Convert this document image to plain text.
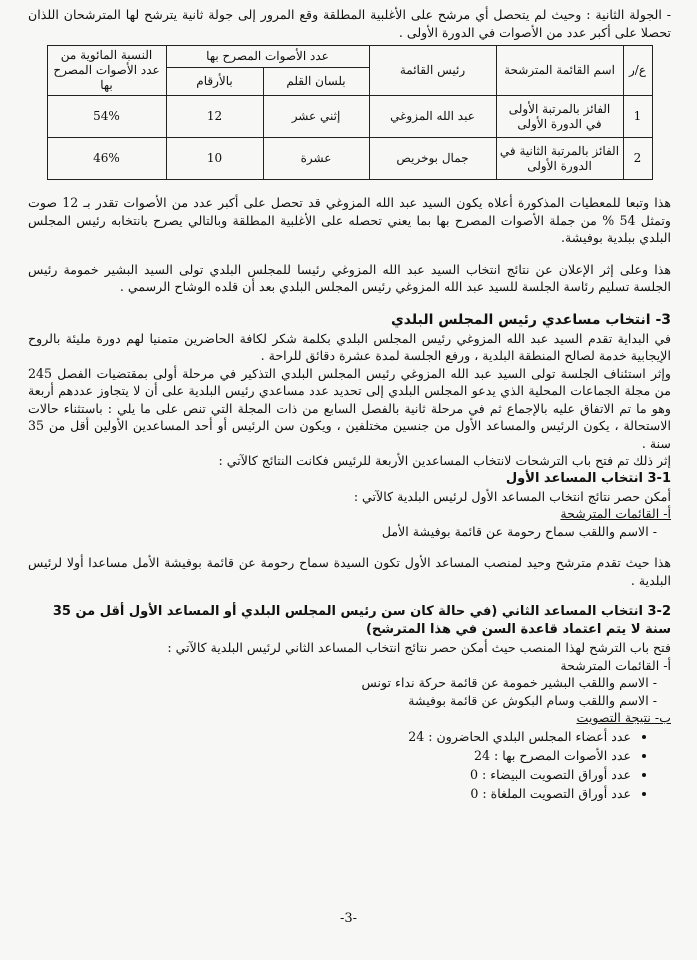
- الجولة الثانية : وحيث لم يتحصل أي مرشح على الأغلبية المطلقة وقع المرور إلى جولة ثانية يترشح لها المترشحان اللذان تحصلا على أكبر عدد من الأصوات في الدورة الأولى .

ع/ر	اسم القائمة المترشحة	رئيس القائمة	عدد الأصوات المصرح بها		النسبة المائوية من عدد الأصوات المصرح بها
			بلسان القلم	بالأرقام	
1	الفائز بالمرتبة الأولى في الدورة الأولى	عبد الله المزوغي	إثني عشر	12	54%
2	الفائز بالمرتبة الثانية في الدورة الأولى	جمال بوخريص	عشرة	10	46%

هذا وتبعا للمعطيات المذكورة أعلاه يكون السيد عبد الله المزوغي قد تحصل على أكبر عدد من الأصوات تقدر بـ 12 صوت وتمثل 54 % من جملة الأصوات المصرح بها بما يعني تحصله على الأغلبية المطلقة وبالتالي يصرح بانتخابه رئيس المجلس البلدي ببلدية بوفيشة.

هذا وعلى إثر الإعلان عن نتائج انتخاب السيد عبد الله المزوغي رئيسا للمجلس البلدي تولى السيد البشير خمومة رئيس الجلسة تسليم رئاسة الجلسة للسيد عبد الله المزوغي رئيس المجلس البلدي بعد أن قلده الوشاح الرسمي .

3- انتخاب مساعدي رئيس المجلس البلدي

في البداية تقدم السيد عبد الله المزوغي رئيس المجلس البلدي بكلمة شكر لكافة الحاضرين متمنيا لهم دورة مليئة بالروح الإيجابية خدمة لصالح المنطقة البلدية ، ورفع الجلسة لمدة عشرة دقائق للراحة .

وإثر استئناف الجلسة تولى السيد عبد الله المزوغي رئيس المجلس البلدي التذكير في مرحلة أولى بمقتضيات الفصل 245 من مجلة الجماعات المحلية الذي يدعو المجلس البلدي إلى تحديد عدد مساعدي رئيس البلدية على أن لا يتجاوز عددهم أربعة وهو ما تم الاتفاق عليه بالإجماع ثم في مرحلة ثانية بالفصل السابع من ذات المجلة التي تنص على ما يلي : باستثناء حالات الاستحالة ، يكون الرئيس والمساعد الأول من جنسين مختلفين ، ويكون سن الرئيس أو أحد المساعدين الأولين أقل من 35 سنة .

إثر ذلك تم فتح باب الترشحات لانتخاب المساعدين الأربعة للرئيس فكانت النتائج كالآتي :

3-1 انتخاب المساعد الأول

أمكن حصر نتائج انتخاب المساعد الأول لرئيس البلدية كالآتي :

أ- القائمات المترشحة

- الاسم واللقب سماح رحومة عن قائمة بوفيشة الأمل

هذا حيث تقدم مترشح وحيد لمنصب المساعد الأول تكون السيدة سماح رحومة عن قائمة بوفيشة الأمل مساعدا أولا لرئيس البلدية .

3-2 انتخاب المساعد الثاني (في حالة كان سن رئيس المجلس البلدي أو المساعد الأول أقل من 35 سنة لا يتم اعتماد قاعدة السن في هذا المترشح)

فتح باب الترشح لهذا المنصب حيث أمكن حصر نتائج انتخاب المساعد الثاني لرئيس البلدية كالآتي :

أ- القائمات المترشحة

- الاسم واللقب البشير خمومة عن قائمة حركة نداء تونس
- الاسم واللقب وسام البكوش عن قائمة بوفيشة

ب- نتيجة التصويت

• عدد أعضاء المجلس البلدي الحاضرون : 24
• عدد الأصوات المصرح بها : 24
• عدد أوراق التصويت البيضاء : 0
• عدد أوراق التصويت الملغاة : 0
-3-
